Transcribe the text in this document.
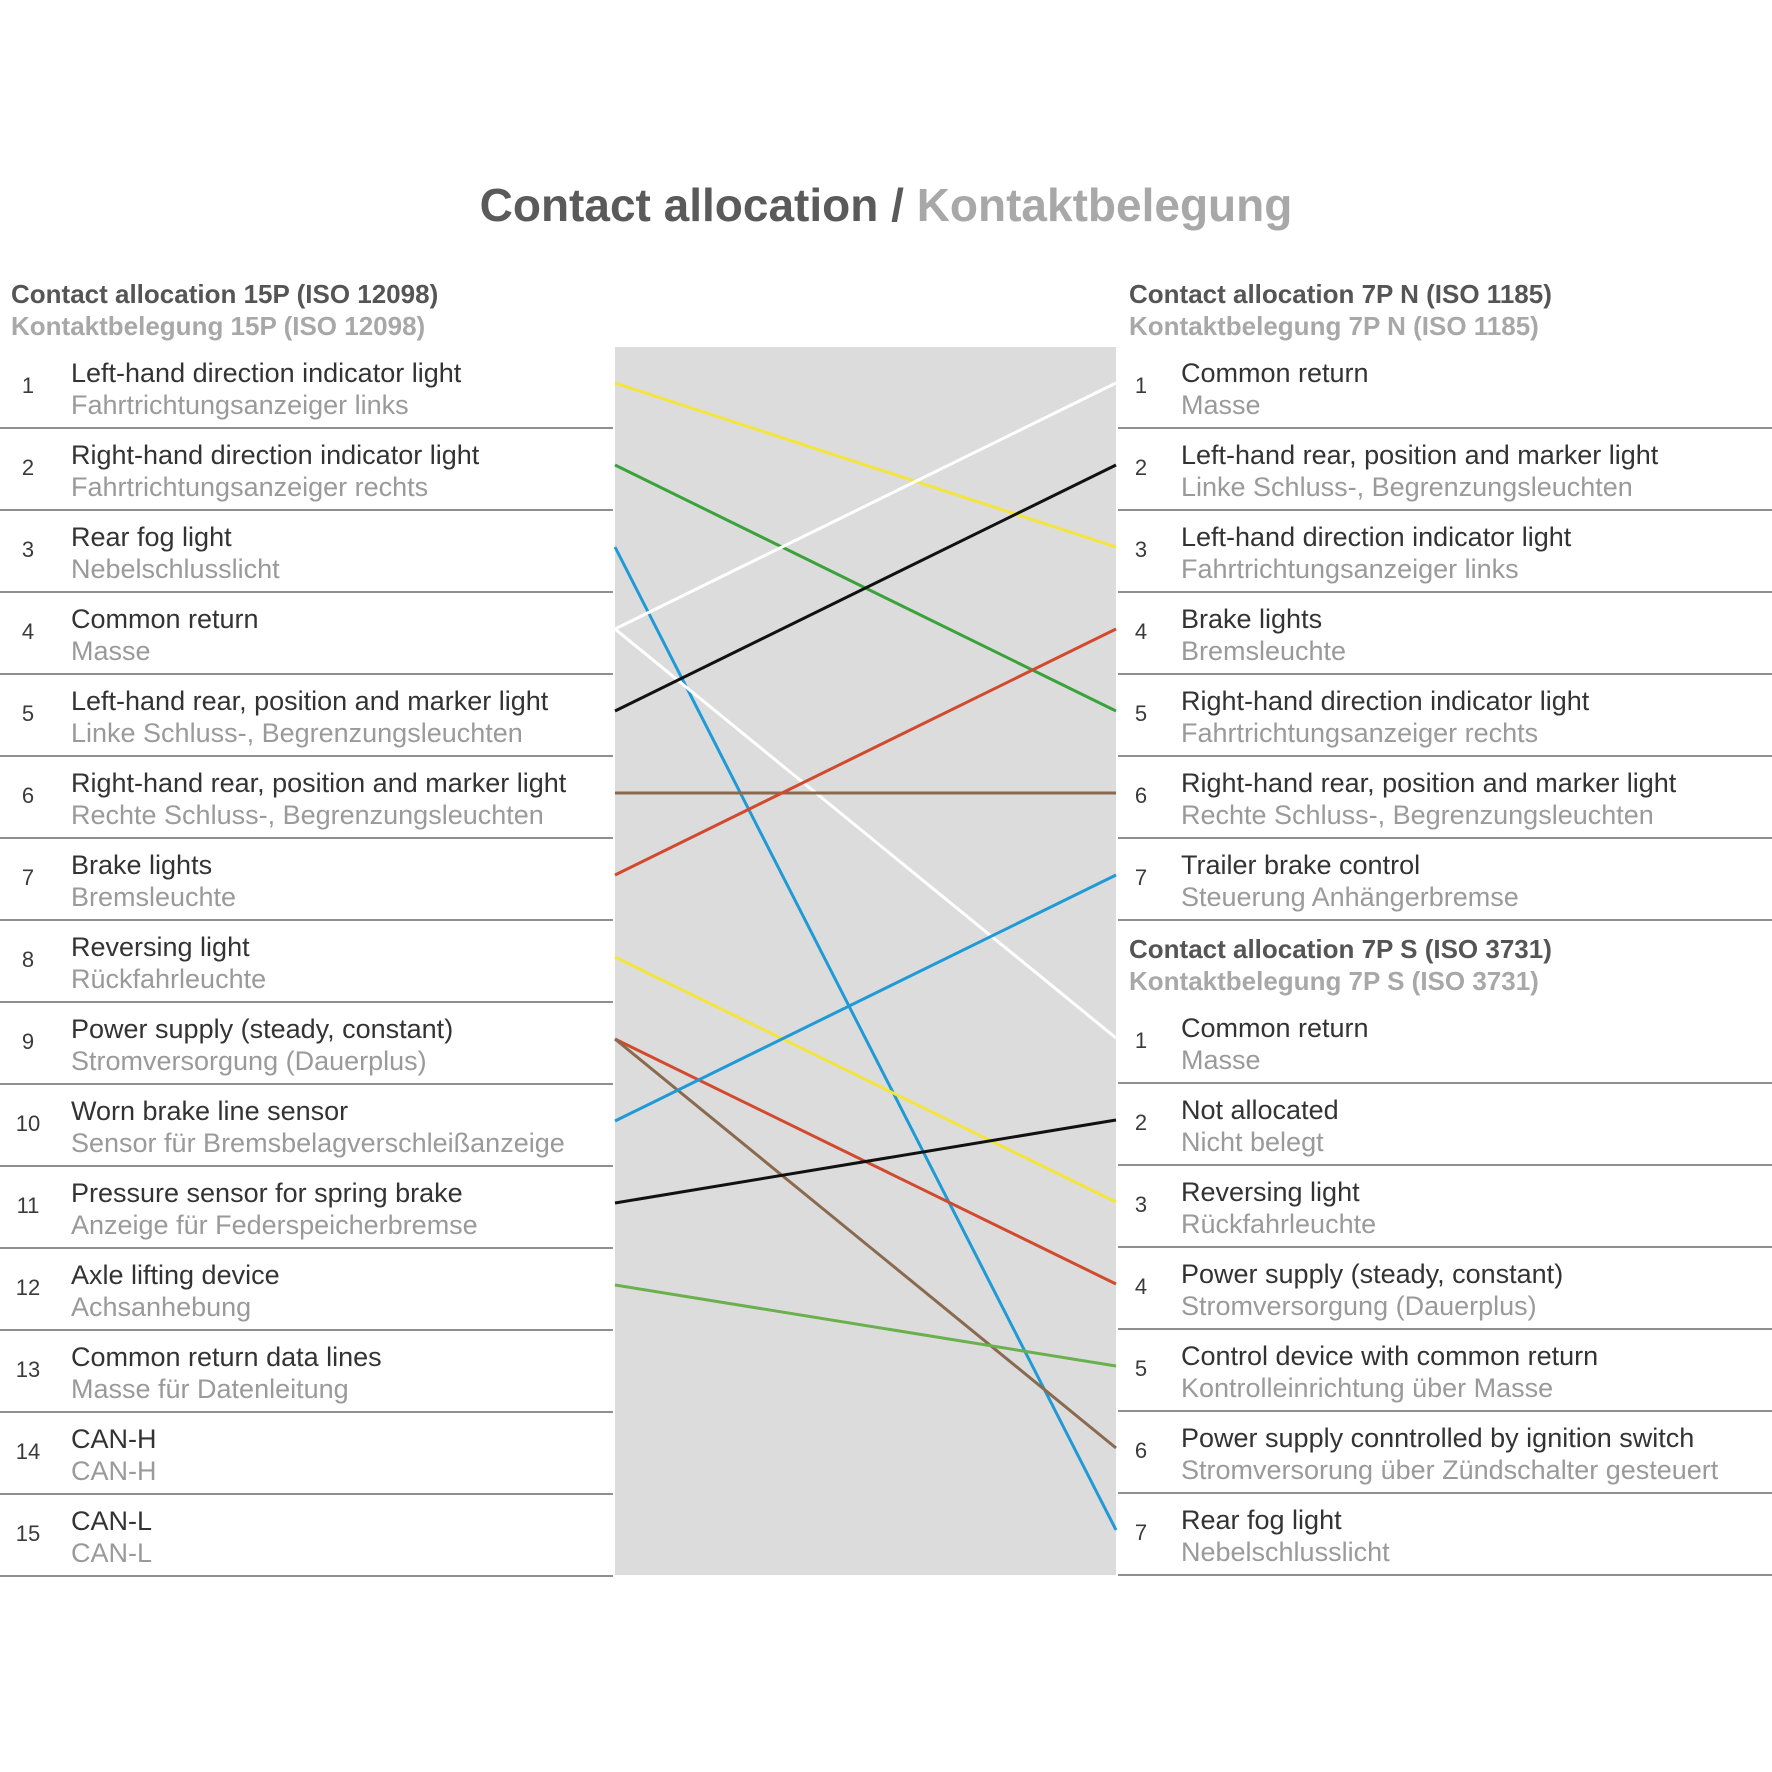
Contact allocation / Kontaktbelegung
Contact allocation 15P (ISO 12098)
Kontaktbelegung 15P (ISO 12098)
Contact allocation 7P N (ISO 1185)
Kontaktbelegung 7P N (ISO 1185)
Contact allocation 7P S (ISO 3731)
Kontaktbelegung 7P S (ISO 3731)
1	Left-hand direction indicator light
Fahrtrichtungsanzeiger links
2	Right-hand direction indicator light
Fahrtrichtungsanzeiger rechts
3	Rear fog light
Nebelschlusslicht
4	Common return
Masse
5	Left-hand rear, position and marker light
Linke Schluss-, Begrenzungsleuchten
6	Right-hand rear, position and marker light
Rechte Schluss-, Begrenzungsleuchten
7	Brake lights
Bremsleuchte
8	Reversing light
Rückfahrleuchte
9	Power supply (steady, constant)
Stromversorgung (Dauerplus)
10	Worn brake line sensor
Sensor für Bremsbelagverschleißanzeige
11	Pressure sensor for spring brake
Anzeige für Federspeicherbremse
12	Axle lifting device
Achsanhebung
13	Common return data lines
Masse für Datenleitung
14	CAN-H
CAN-H
15	CAN-L
CAN-L
1	Common return
Masse
2	Left-hand rear, position and marker light
Linke Schluss-, Begrenzungsleuchten
3	Left-hand direction indicator light
Fahrtrichtungsanzeiger links
4	Brake lights
Bremsleuchte
5	Right-hand direction indicator light
Fahrtrichtungsanzeiger rechts
6	Right-hand rear, position and marker light
Rechte Schluss-, Begrenzungsleuchten
7	Trailer brake control
Steuerung Anhängerbremse
1	Common return
Masse
2	Not allocated
Nicht belegt
3	Reversing light
Rückfahrleuchte
4	Power supply (steady, constant)
Stromversorgung (Dauerplus)
5	Control device with common return
Kontrolleinrichtung über Masse
6	Power supply conntrolled by ignition switch
Stromversorung über Zündschalter gesteuert
7	Rear fog light
Nebelschlusslicht
